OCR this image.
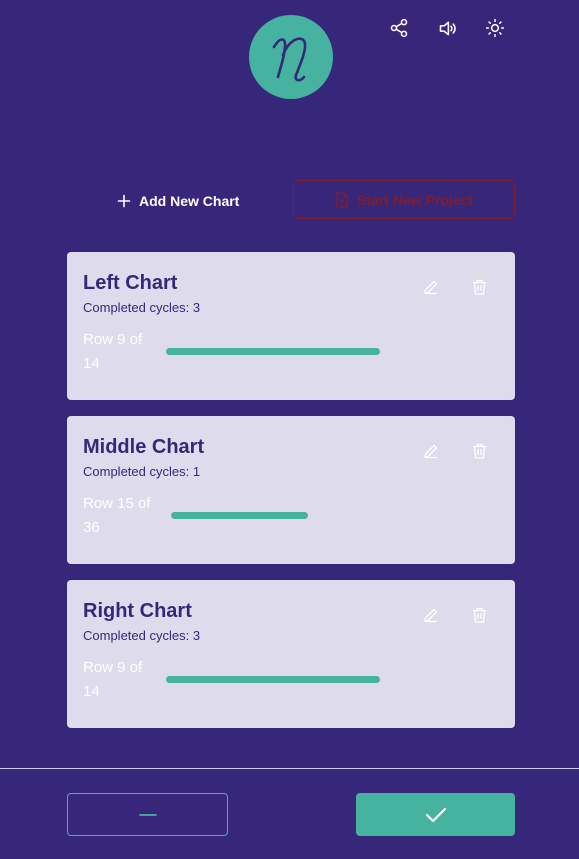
Add New Chart	Start New Project
Left Chart
Completed cycles: 3
Row 9 of 14
Middle Chart
Completed cycles: 1
Row 15 of 36
Right Chart
Completed cycles: 3
Row 9 of 14
